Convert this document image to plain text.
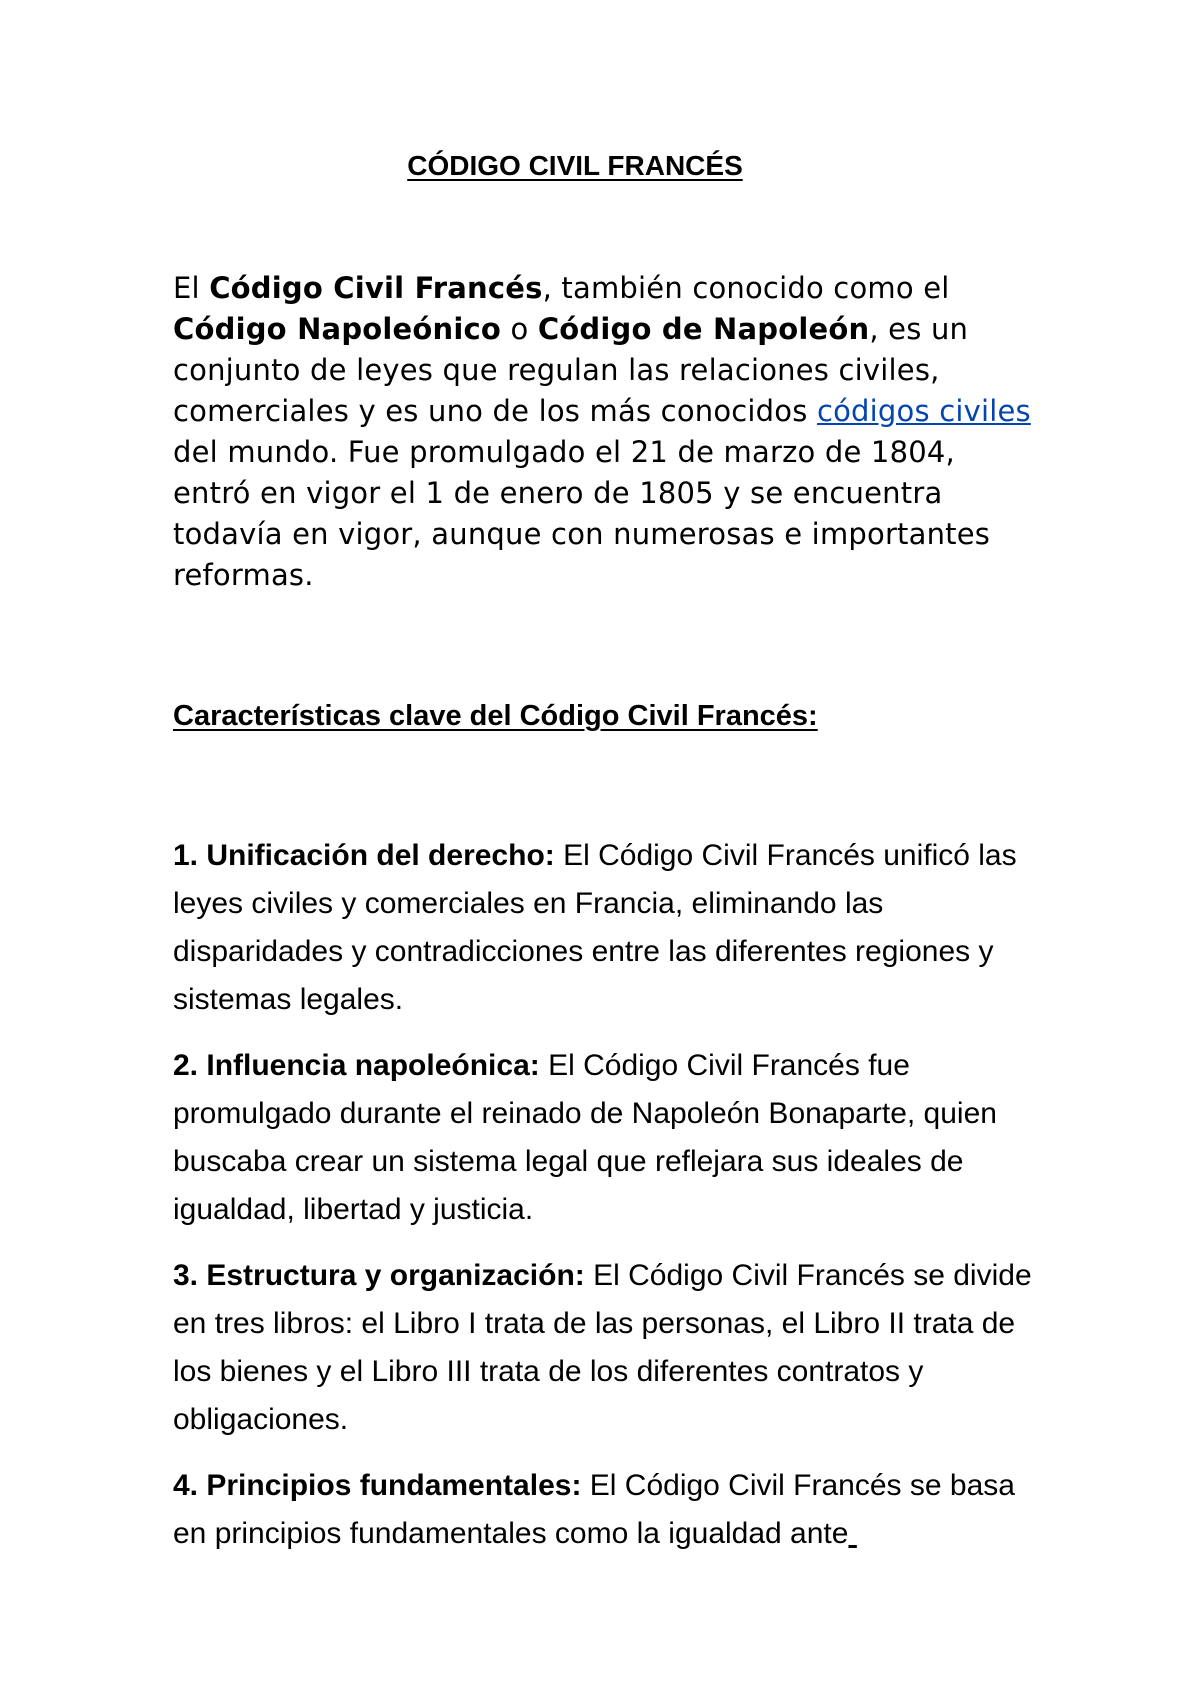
CÓDIGO CIVIL FRANCÉS

El Código Civil Francés, también conocido como el Código Napoleónico o Código de Napoleón, es un conjunto de leyes que regulan las relaciones civiles, comerciales y es uno de los más conocidos códigos civiles del mundo. Fue promulgado el 21 de marzo de 1804, entró en vigor el 1 de enero de 1805 y se encuentra todavía en vigor, aunque con numerosas e importantes reformas.

Características clave del Código Civil Francés:

1. Unificación del derecho: El Código Civil Francés unificó las leyes civiles y comerciales en Francia, eliminando las disparidades y contradicciones entre las diferentes regiones y sistemas legales.

2. Influencia napoleónica: El Código Civil Francés fue promulgado durante el reinado de Napoleón Bonaparte, quien buscaba crear un sistema legal que reflejara sus ideales de igualdad, libertad y justicia.

3. Estructura y organización: El Código Civil Francés se divide en tres libros: el Libro I trata de las personas, el Libro II trata de los bienes y el Libro III trata de los diferentes contratos y obligaciones.

4. Principios fundamentales: El Código Civil Francés se basa en principios fundamentales como la igualdad ante
